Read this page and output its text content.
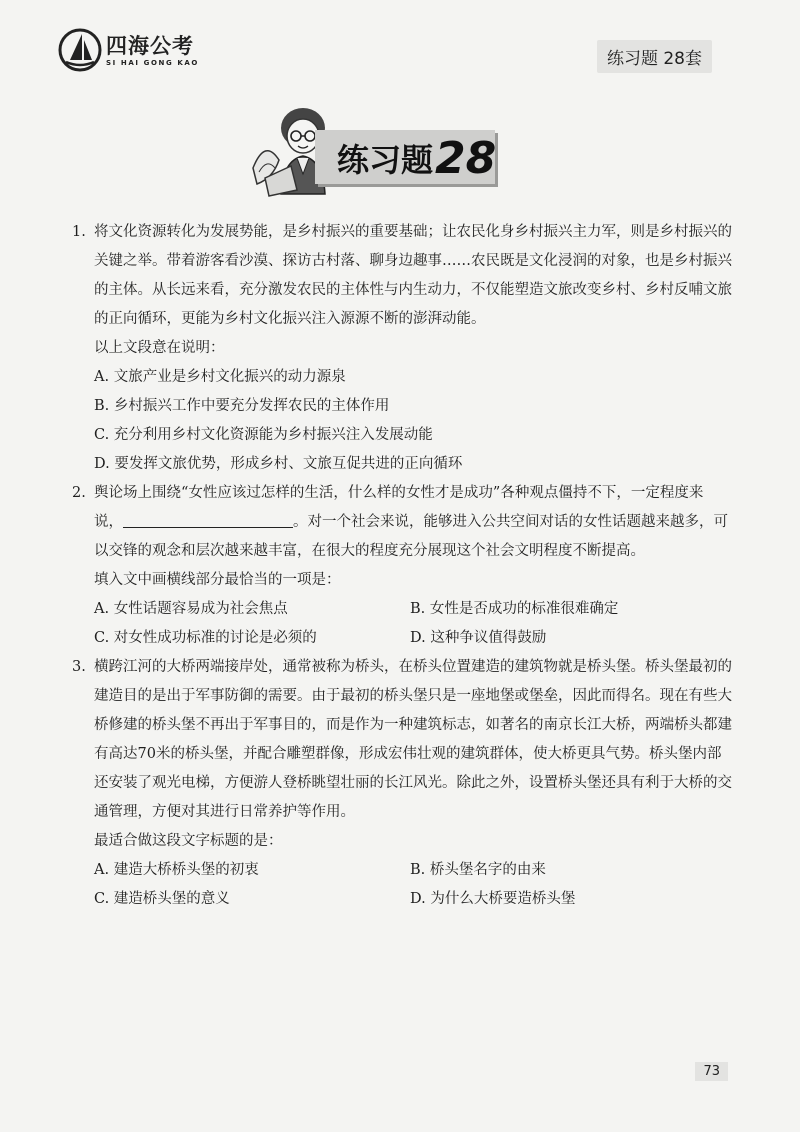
四海公考
SI HAI GONG KAO	练习题 28套
练习题28
1. 将文化资源转化为发展势能，是乡村振兴的重要基础；让农民化身乡村振兴主力军，则是乡村振兴的关键之举。带着游客看沙漠、探访古村落、聊身边趣事……农民既是文化浸润的对象，也是乡村振兴的主体。从长远来看，充分激发农民的主体性与内生动力，不仅能塑造文旅改变乡村、乡村反哺文旅的正向循环，更能为乡村文化振兴注入源源不断的澎湃动能。

以上文段意在说明：
A. 文旅产业是乡村文化振兴的动力源泉
B. 乡村振兴工作中要充分发挥农民的主体作用
C. 充分利用乡村文化资源能为乡村振兴注入发展动能
D. 要发挥文旅优势，形成乡村、文旅互促共进的正向循环
2. 舆论场上围绕“女性应该过怎样的生活，什么样的女性才是成功”各种观点僵持不下，一定程度来说，	。对一个社会来说，能够进入公共空间对话的女性话题越来越多，可以交锋的观念和层次越来越丰富，在很大的程度充分展现这个社会文明程度不断提高。

填入文中画横线部分最恰当的一项是：
A. 女性话题容易成为社会焦点	B. 女性是否成功的标准很难确定
C. 对女性成功标准的讨论是必须的	D. 这种争议值得鼓励
3. 横跨江河的大桥两端接岸处，通常被称为桥头，在桥头位置建造的建筑物就是桥头堡。桥头堡最初的建造目的是出于军事防御的需要。由于最初的桥头堡只是一座地堡或堡垒，因此而得名。现在有些大桥修建的桥头堡不再出于军事目的，而是作为一种建筑标志，如著名的南京长江大桥，两端桥头都建有高达70米的桥头堡，并配合雕塑群像，形成宏伟壮观的建筑群体，使大桥更具气势。桥头堡内部还安装了观光电梯，方便游人登桥眺望壮丽的长江风光。除此之外，设置桥头堡还具有利于大桥的交通管理，方便对其进行日常养护等作用。

最适合做这段文字标题的是：
A. 建造大桥桥头堡的初衷	B. 桥头堡名字的由来
C. 建造桥头堡的意义	D. 为什么大桥要造桥头堡
73
